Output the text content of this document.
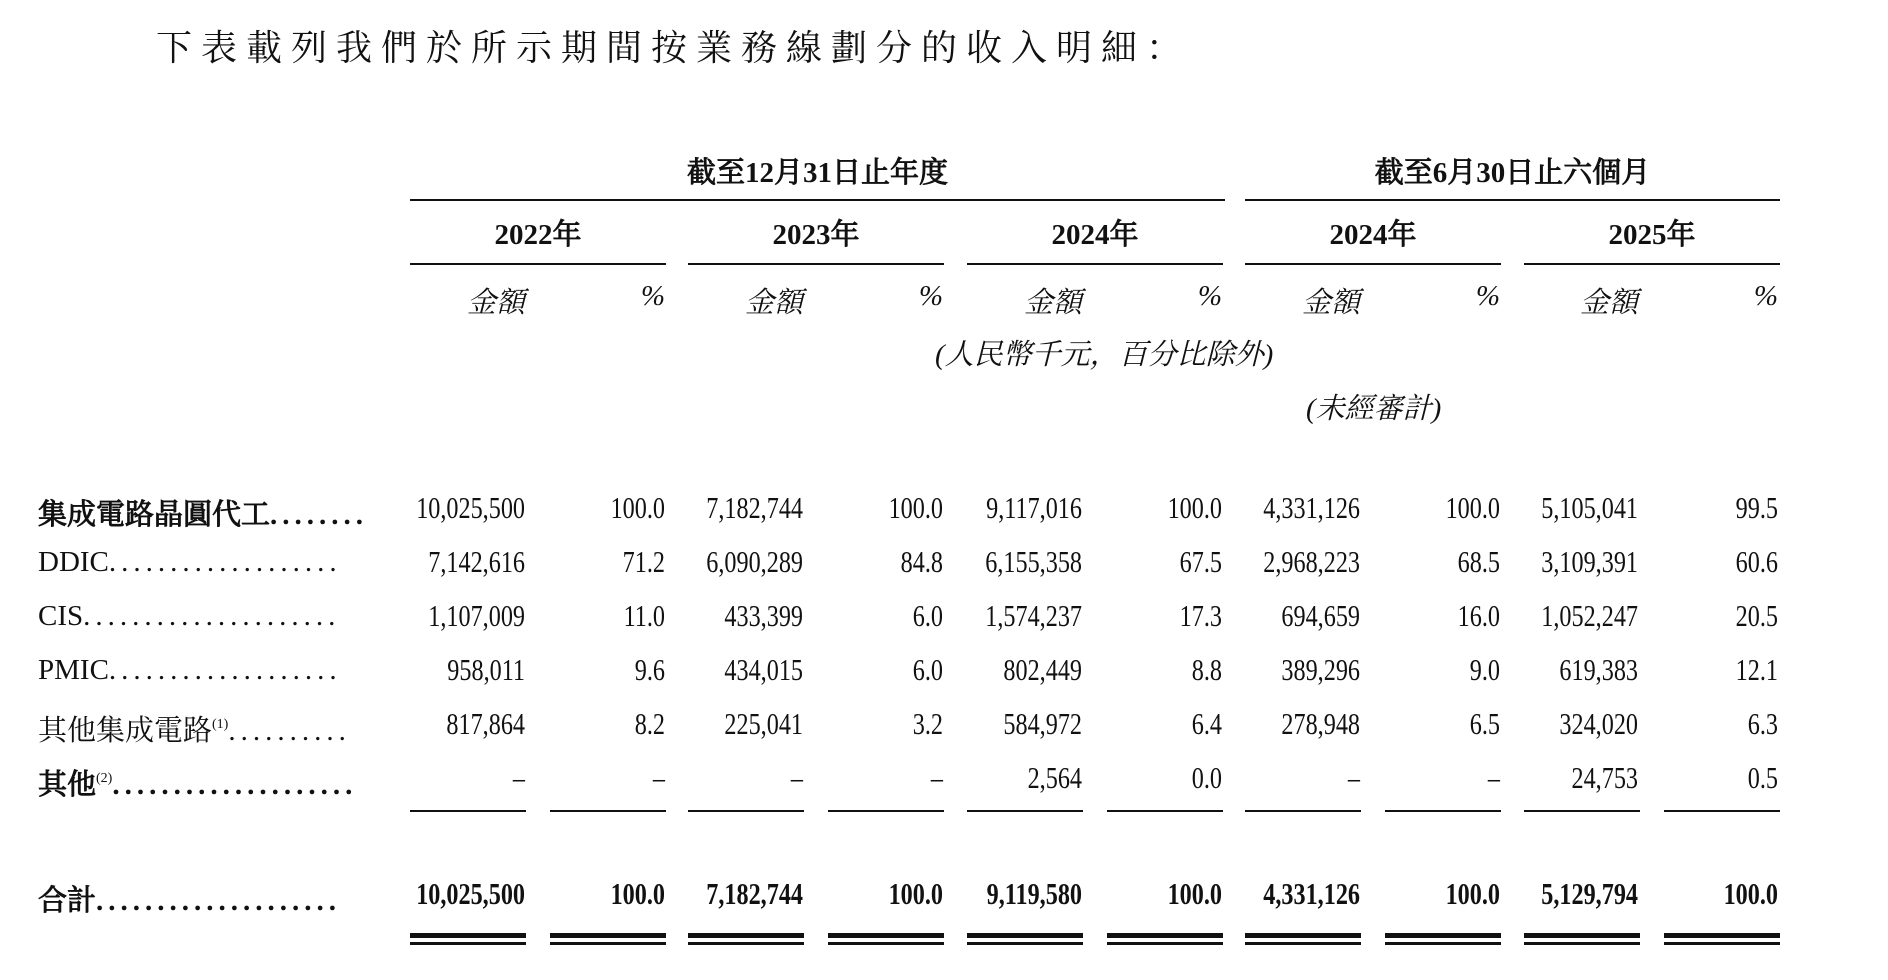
下表載列我們於所示期間按業務線劃分的收入明細：
截至12月31日止年度	截至6月30日止六個月
(人民幣千元，百分比除外)
(未經審計)
2022年	2023年	2024年	2024年	2025年
金額	%	金額	%	金額	%	金額	%	金額	%
集成電路晶圓代工........	10,025,500	100.0	7,182,744	100.0	9,117,016	100.0	4,331,126	100.0	5,105,041	99.5
DDIC...................	7,142,616	71.2	6,090,289	84.8	6,155,358	67.5	2,968,223	68.5	3,109,391	60.6
CIS.....................	1,107,009	11.0	433,399	6.0	1,574,237	17.3	694,659	16.0	1,052,247	20.5
PMIC...................	958,011	9.6	434,015	6.0	802,449	8.8	389,296	9.0	619,383	12.1
其他集成電路$^{(1)}$..........	817,864	8.2	225,041	3.2	584,972	6.4	278,948	6.5	324,020	6.3
其他$^{(2)}$....................	–	–	–	–	2,564	0.0	–	–	24,753	0.5
合計....................	10,025,500	100.0	7,182,744	100.0	9,119,580	100.0	4,331,126	100.0	5,129,794	100.0
